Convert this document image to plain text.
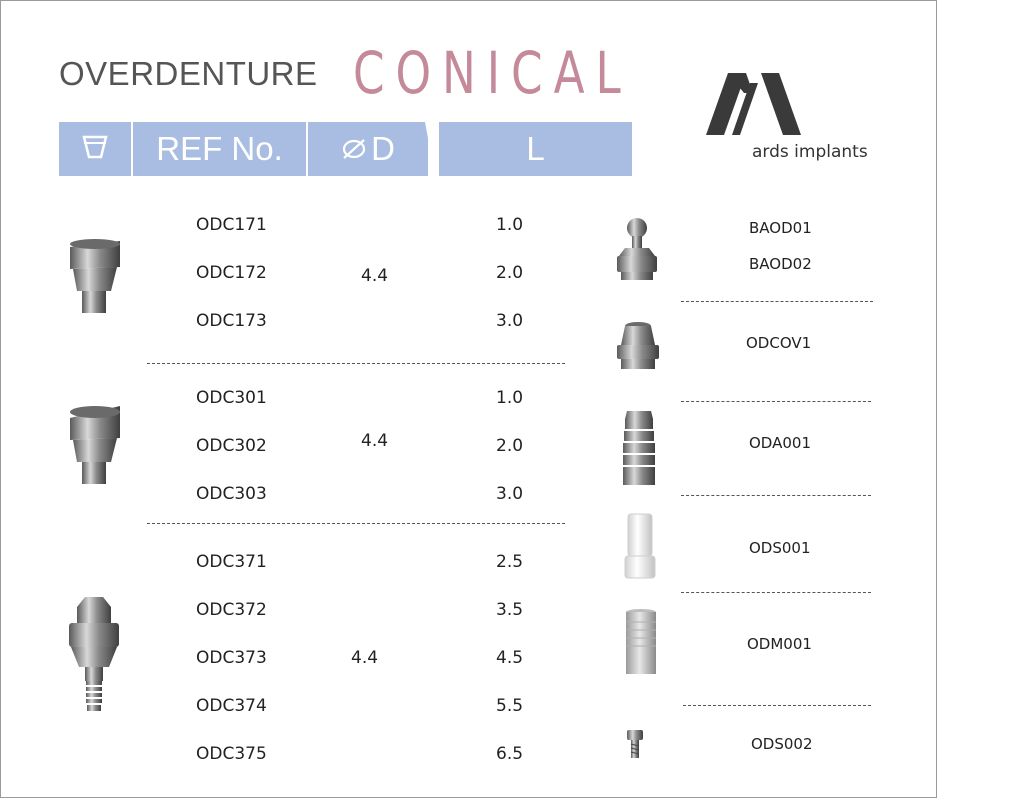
OVERDENTURE CONICAL
ards implants
REF No.	D	L
ODC171
ODC172
ODC173
4.4
1.0
2.0
3.0
ODC301
ODC302
ODC303
4.4
1.0
2.0
3.0
ODC371
ODC372
ODC373
ODC374
ODC375
4.4
2.5
3.5
4.5
5.5
6.5
BAOD01
BAOD02
ODCOV1
ODA001
ODS001
ODM001
ODS002
